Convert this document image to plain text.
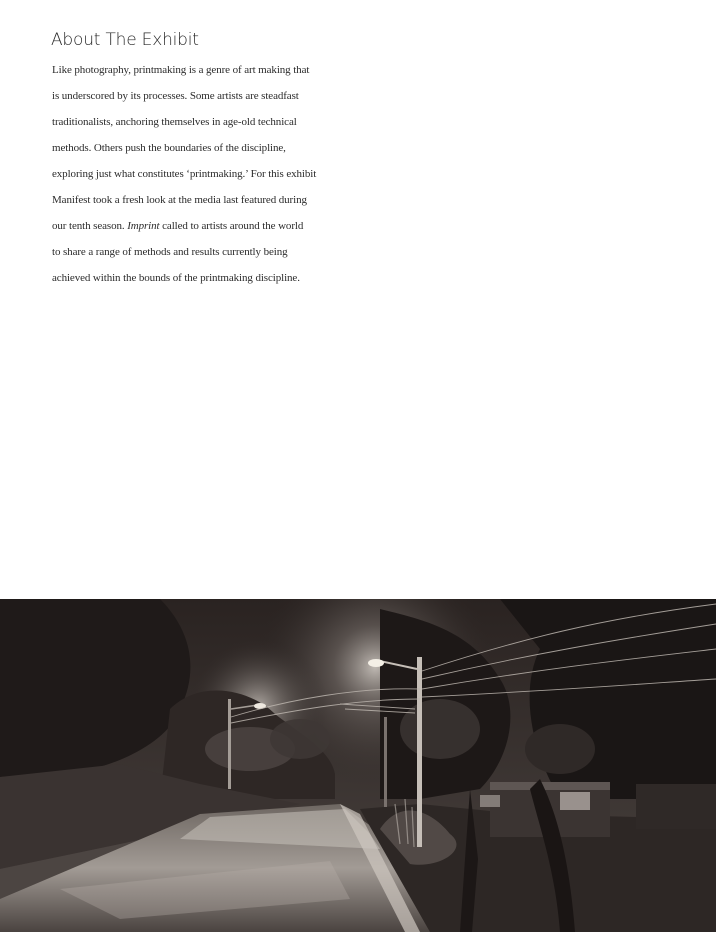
About The Exhibit
Like photography, printmaking is a genre of art making that
is underscored by its processes. Some artists are steadfast
traditionalists, anchoring themselves in age-old technical
methods. Others push the boundaries of the discipline,
exploring just what constitutes ‘printmaking.’ For this exhibit
Manifest took a fresh look at the media last featured during
our tenth season. Imprint called to artists around the world
to share a range of methods and results currently being
achieved within the bounds of the printmaking discipline.
